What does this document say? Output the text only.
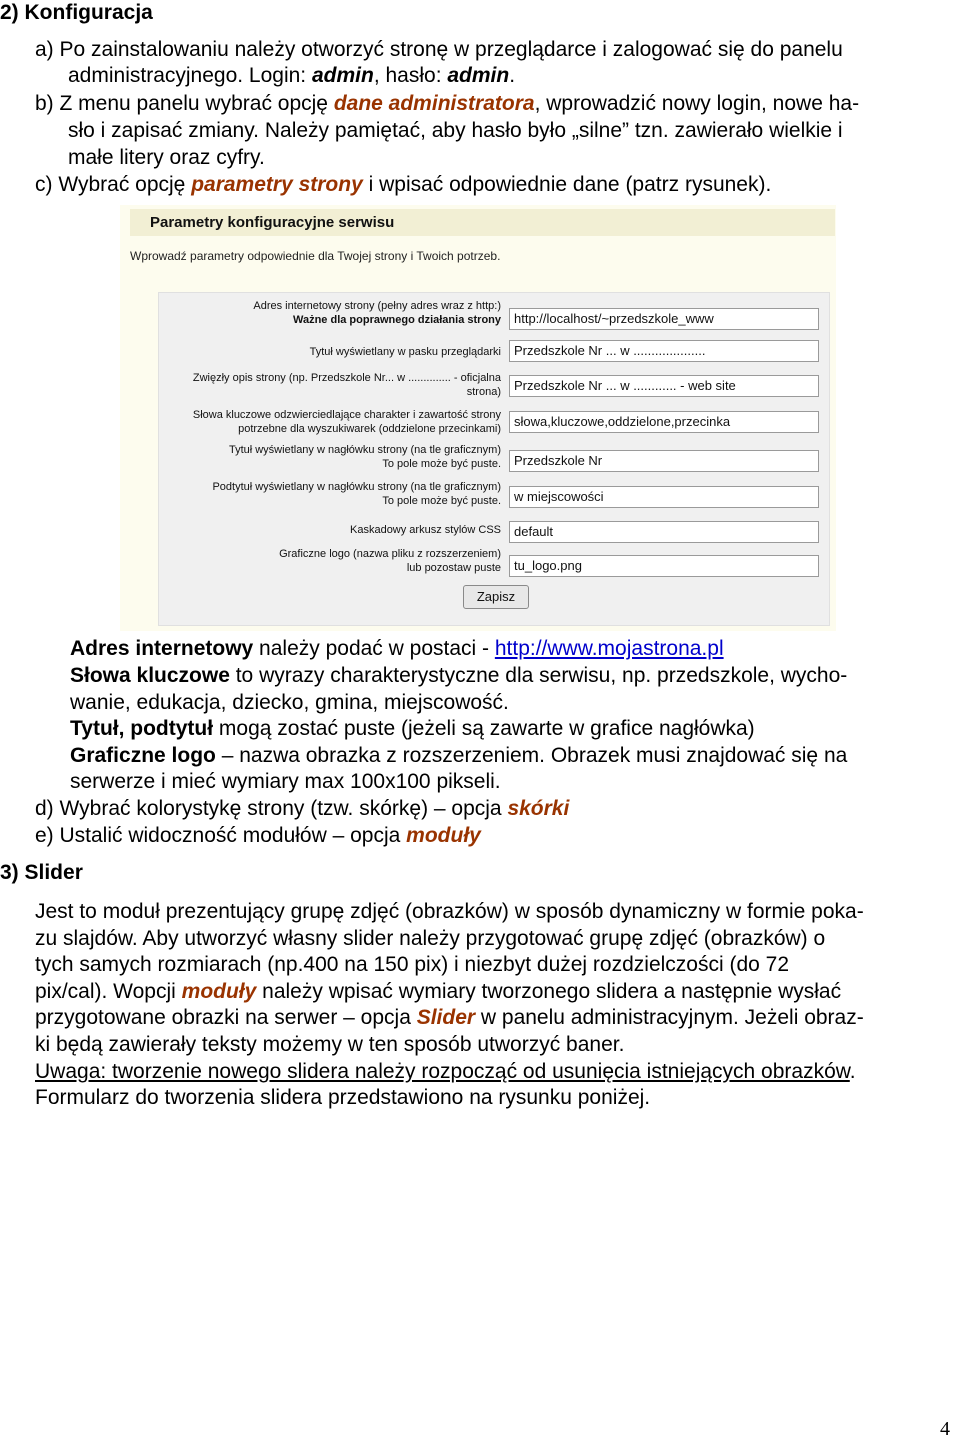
2) Konfiguracja
a) Po zainstalowaniu należy otworzyć stronę w przeglądarce i zalogować się do panelu
administracyjnego. Login: admin, hasło: admin.
b) Z menu panelu wybrać opcję dane administratora, wprowadzić nowy login, nowe ha-
sło i zapisać zmiany. Należy pamiętać, aby hasło było „silne” tzn. zawierało wielkie i
małe litery oraz cyfry.
c) Wybrać opcję parametry strony i wpisać odpowiednie dane (patrz rysunek).
Parametry konfiguracyjne serwisu
Wprowadź parametry odpowiednie dla Twojej strony i Twoich potrzeb.
Adres internetowy strony (pełny adres wraz z http:)
Ważne dla poprawnego działania strony	http://localhost/~przedszkole_www
Tytuł wyświetlany w pasku przeglądarki	Przedszkole Nr ... w ....................
Zwięzły opis strony (np. Przedszkole Nr... w .............. - oficjalna
strona)	Przedszkole Nr ... w ............ - web site
Słowa kluczowe odzwierciedlające charakter i zawartość strony
potrzebne dla wyszukiwarek (oddzielone przecinkami)	słowa,kluczowe,oddzielone,przecinka
Tytuł wyświetlany w nagłówku strony (na tle graficznym)
To pole może być puste.	Przedszkole Nr
Podtytuł wyświetlany w nagłówku strony (na tle graficznym)
To pole może być puste.	w miejscowości
Kaskadowy arkusz stylów CSS	default
Graficzne logo (nazwa pliku z rozszerzeniem)
lub pozostaw puste	tu_logo.png
Zapisz
Adres internetowy należy podać w postaci - http://www.mojastrona.pl
Słowa kluczowe to wyrazy charakterystyczne dla serwisu, np. przedszkole, wycho-
wanie, edukacja, dziecko, gmina, miejscowość.
Tytuł, podtytuł mogą zostać puste (jeżeli są zawarte w grafice nagłówka)
Graficzne logo – nazwa obrazka z rozszerzeniem. Obrazek musi znajdować się na
serwerze i mieć wymiary max 100x100 pikseli.
d) Wybrać kolorystykę strony (tzw. skórkę) – opcja skórki
e) Ustalić widoczność modułów – opcja moduły
3) Slider
Jest to moduł prezentujący grupę zdjęć (obrazków) w sposób dynamiczny w formie poka-
zu slajdów. Aby utworzyć własny slider należy przygotować grupę zdjęć (obrazków) o
tych samych rozmiarach (np.400 na 150 pix) i niezbyt dużej rozdzielczości (do 72
pix/cal). Wopcji moduły należy wpisać wymiary tworzonego slidera a następnie wysłać
przygotowane obrazki na serwer – opcja Slider w panelu administracyjnym. Jeżeli obraz-
ki będą zawierały teksty możemy w ten sposób utworzyć baner.
Uwaga: tworzenie nowego slidera należy rozpocząć od usunięcia istniejących obrazków.
Formularz do tworzenia slidera przedstawiono na rysunku poniżej.
4
